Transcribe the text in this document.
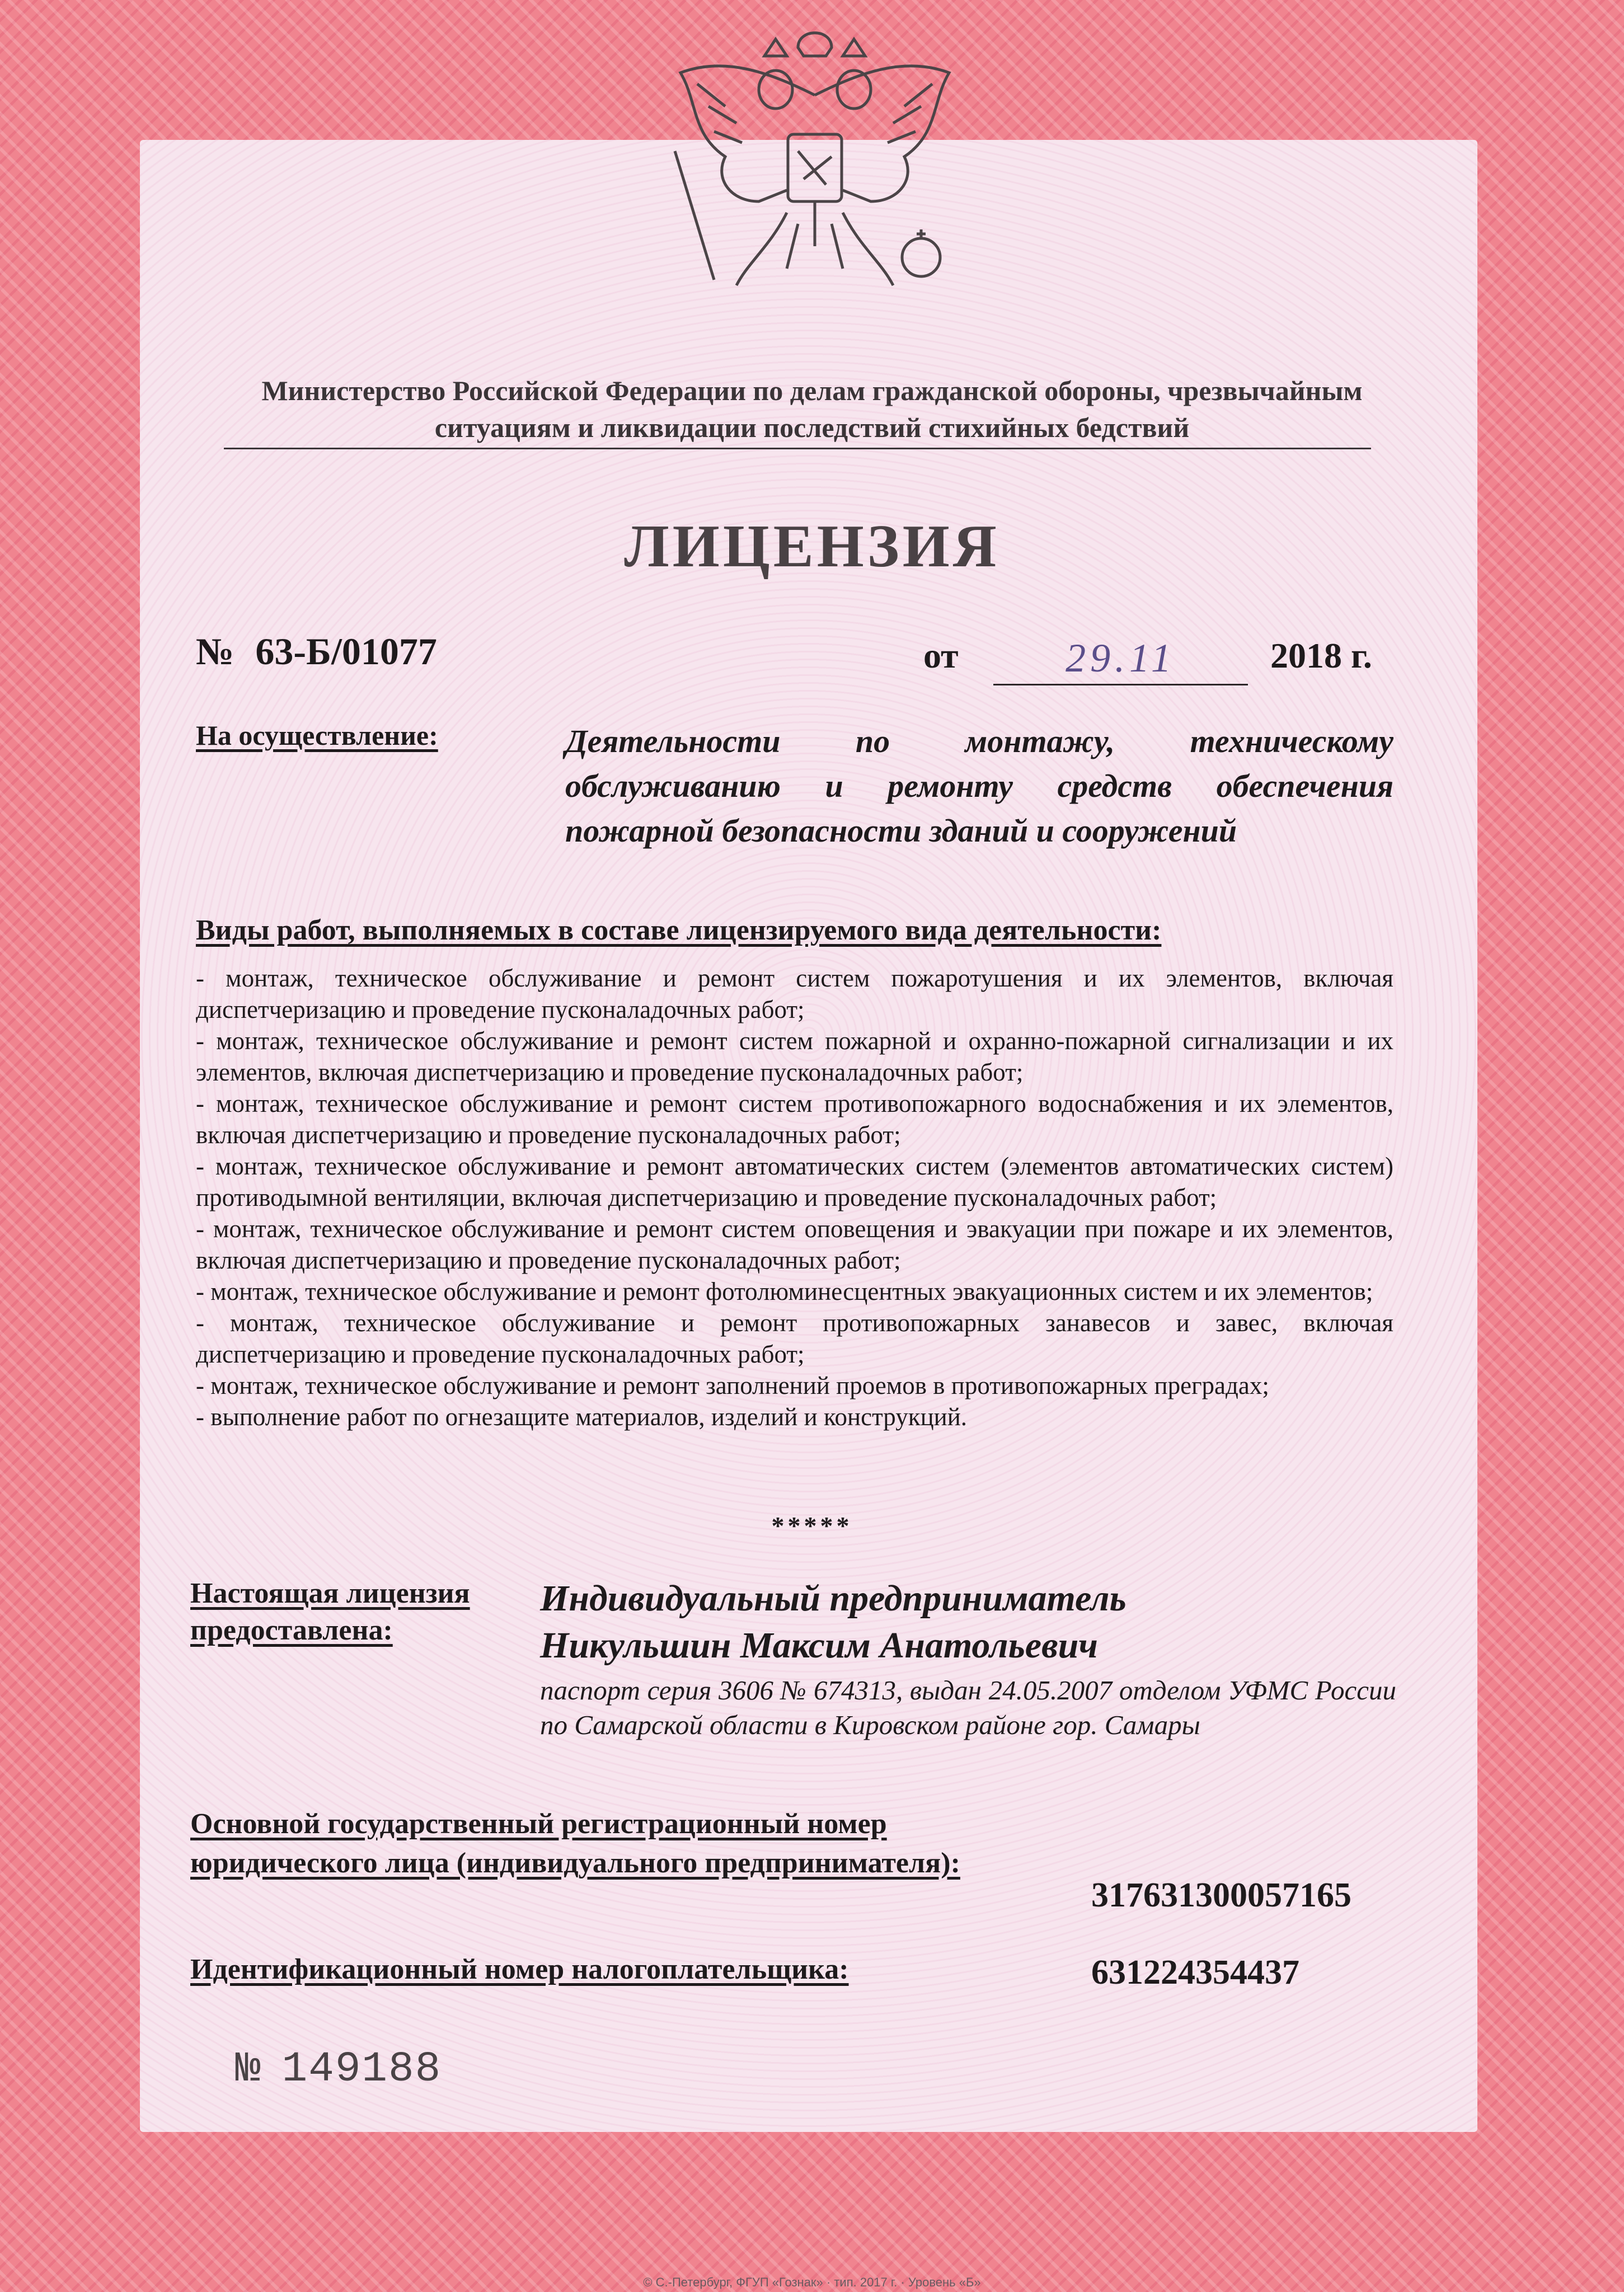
Министерство Российской Федерации по делам гражданской обороны, чрезвычайным ситуациям и ликвидации последствий стихийных бедствий
ЛИЦЕНЗИЯ
№ 63-Б/01077	от	29.11	2018 г.
На осуществление:	Деятельности по монтажу, техническому обслуживанию и ремонту средств обеспечения пожарной безопасности зданий и сооружений
Виды работ, выполняемых в составе лицензируемого вида деятельности:
- монтаж, техническое обслуживание и ремонт систем пожаротушения и их элементов, включая диспетчеризацию и проведение пусконаладочных работ;
- монтаж, техническое обслуживание и ремонт систем пожарной и охранно-пожарной сигнализации и их элементов, включая диспетчеризацию и проведение пусконаладочных работ;
- монтаж, техническое обслуживание и ремонт систем противопожарного водоснабжения и их элементов, включая диспетчеризацию и проведение пусконаладочных работ;
- монтаж, техническое обслуживание и ремонт автоматических систем (элементов автоматических систем) противодымной вентиляции, включая диспетчеризацию и проведение пусконаладочных работ;
- монтаж, техническое обслуживание и ремонт систем оповещения и эвакуации при пожаре и их элементов, включая диспетчеризацию и проведение пусконаладочных работ;
- монтаж, техническое обслуживание и ремонт фотолюминесцентных эвакуационных систем и их элементов;
- монтаж, техническое обслуживание и ремонт противопожарных занавесов и завес, включая диспетчеризацию и проведение пусконаладочных работ;
- монтаж, техническое обслуживание и ремонт заполнений проемов в противопожарных преградах;
- выполнение работ по огнезащите материалов, изделий и конструкций.
*****
Настоящая лицензия предоставлена:
Индивидуальный предприниматель
Никульшин Максим Анатольевич
паспорт серия 3606 № 674313, выдан 24.05.2007 отделом УФМС России по Самарской области в Кировском районе гор. Самары
Основной государственный регистрационный номер юридического лица (индивидуального предпринимателя):
317631300057165
Идентификационный номер налогоплательщика:	631224354437
№ 149188
© С.-Петербург, ФГУП «Гознак» · тип. 2017 г. · Уровень «Б»
